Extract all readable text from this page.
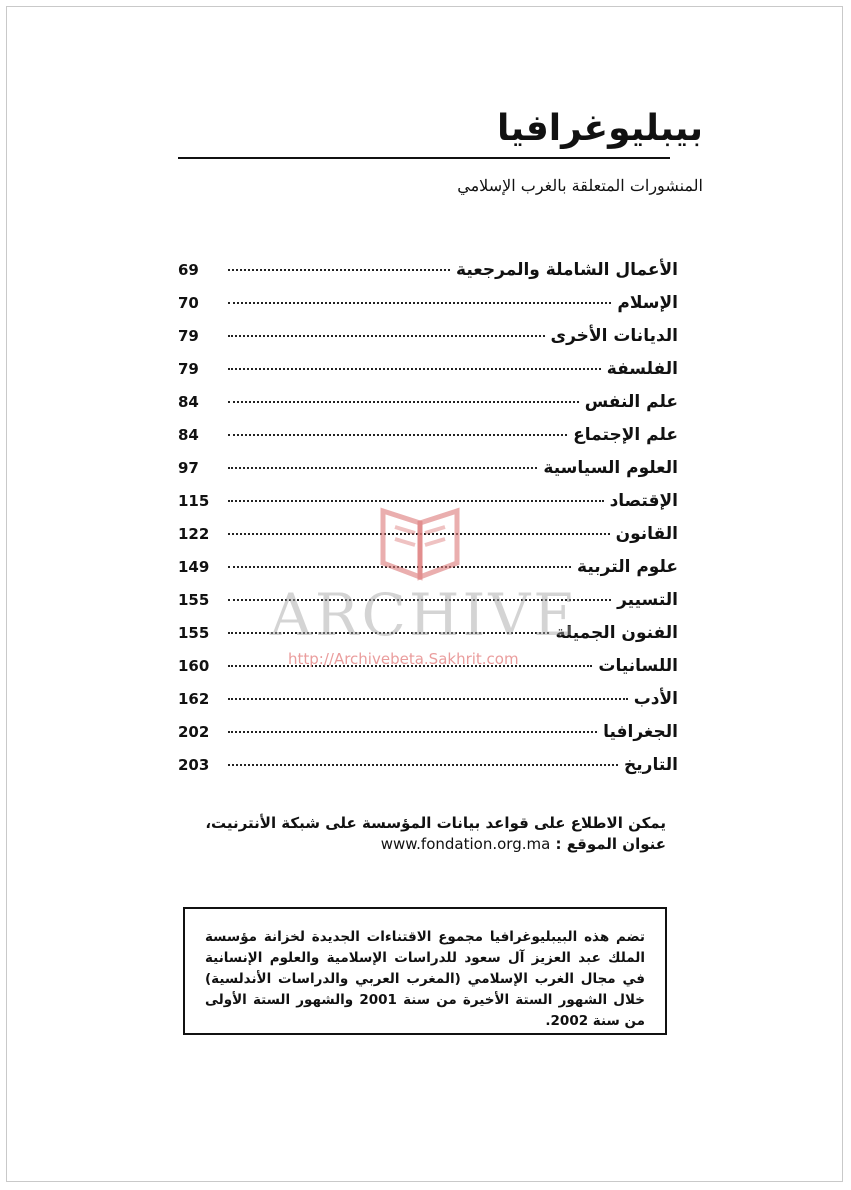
بيبليوغرافيا
المنشورات المتعلقة بالغرب الإسلامي
الأعمال الشاملة والمرجعية
69
الإسلام
70
الديانات الأخرى
79
الفلسفة
79
علم النفس
84
علم الإجتماع
84
العلوم السياسية
97
الإقتصاد
115
القانون
122
علوم التربية
149
التسيير
155
الفنون الجميلة
155
اللسانيات
160
الأدب
162
الجغرافيا
202
التاريخ
203
ARCHIVE
http://Archivebeta.Sakhrit.com
يمكن الاطلاع على قواعد بيانات المؤسسة على شبكة الأنترنيت،
عنوان الموقع : www.fondation.org.ma
تضم هذه البيبليوغرافيا مجموع الاقتناءات الجديدة لخزانة مؤسسة الملك عبد العزيز آل سعود للدراسات الإسلامية والعلوم الإنسانية في مجال الغرب الإسلامي (المغرب العربي والدراسات الأندلسية) خلال الشهور الستة الأخيرة من سنة 2001 والشهور الستة الأولى من سنة 2002.
